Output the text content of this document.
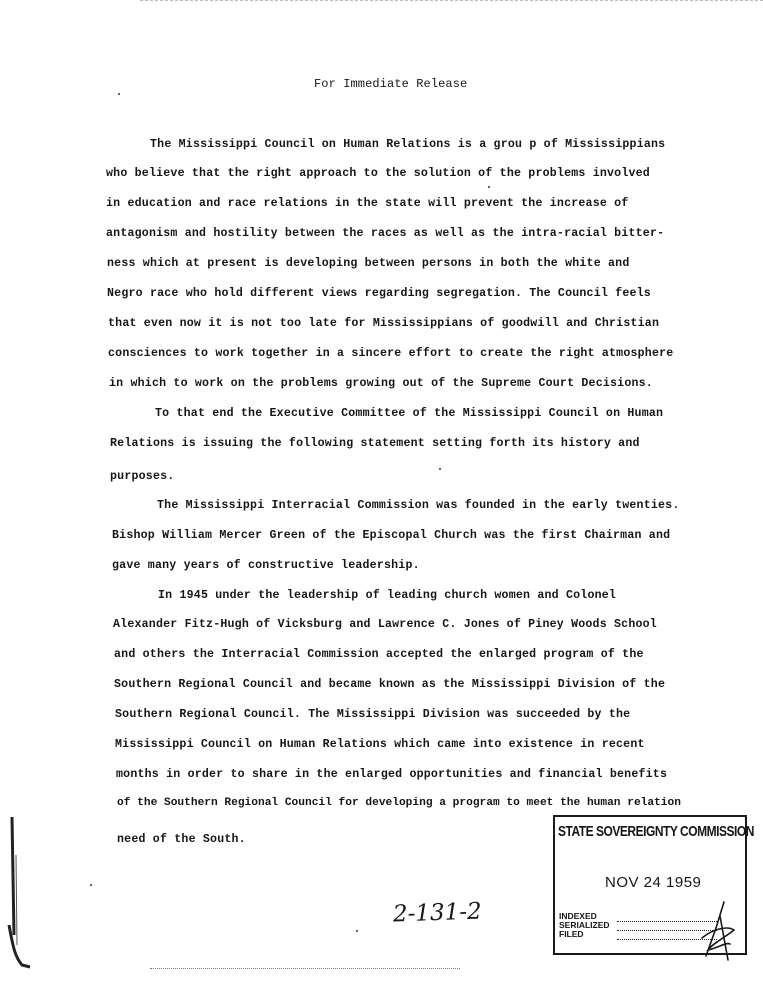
For Immediate Release
The Mississippi Council on Human Relations is a grou p of Mississippians
who believe that the right approach to the solution of the problems involved
in education and race relations in the state will prevent the increase of
antagonism and hostility between the races as well as the intra-racial bitter-
ness which at present is developing between persons in both the white and
Negro race who hold different views regarding segregation. The Council feels
that even now it is not too late for Mississippians of goodwill and Christian
consciences to work together in a sincere effort to create the right atmosphere
in which to work on the problems growing out of the Supreme Court Decisions.
To that end the Executive Committee of the Mississippi Council on Human
Relations is issuing the following statement setting forth its history and
purposes.
The Mississippi Interracial Commission was founded in the early twenties.
Bishop William Mercer Green of the Episcopal Church was the first Chairman and
gave many years of constructive leadership.
In 1945 under the leadership of leading church women and Colonel
Alexander Fitz-Hugh of Vicksburg and Lawrence C. Jones of Piney Woods School
and others the Interracial Commission accepted the enlarged program of the
Southern Regional Council and became known as the Mississippi Division of the
Southern Regional Council. The Mississippi Division was succeeded by the
Mississippi Council on Human Relations which came into existence in recent
months in order to share in the enlarged opportunities and financial benefits
of the Southern Regional Council for developing a program to meet the human relation
need of the South.	STATE SOVEREIGNTY COMMISSION
NOV 24 1959
INDEXED
SERIALIZED
FILED
2-131-2
